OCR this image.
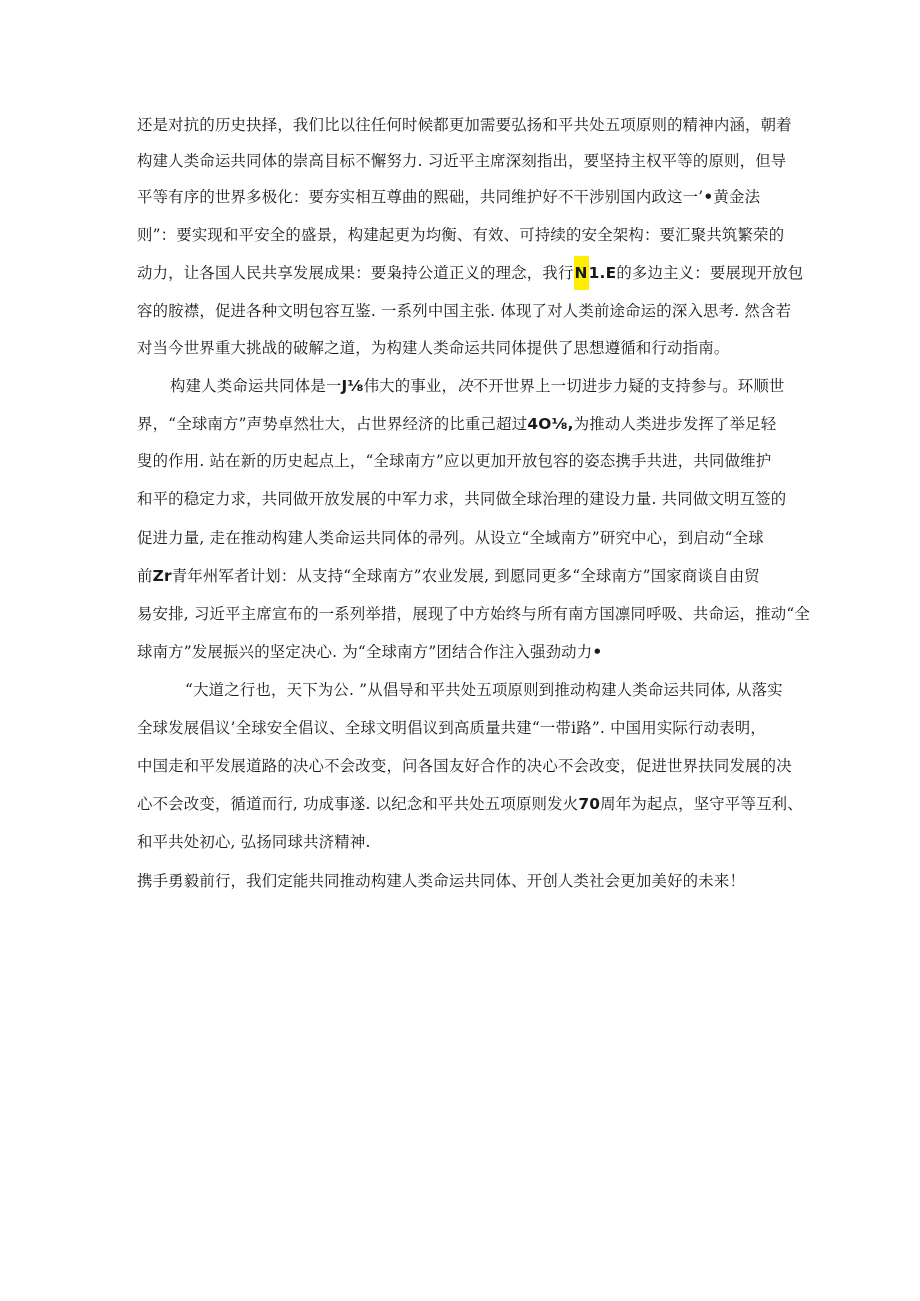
还是对抗的历史抉择，我们比以往任何时候都更加需要弘扬和平共处五项原则的精神内涵，朝着
构建人类命运共同体的崇高目标不懈努力. 习近平主席深刻指出，要坚持主权平等的原则，但导
平等有序的世界多极化：要夯实相互尊曲的熙础，共同维护好不干涉别国内政这一’•黄金法
则”：要实现和平安全的盛景，构建起更为均衡、有效、可持续的安全架构：要汇聚共筑繁荣的
动力，让各国人民共享发展成果：要枭持公道正义的理念，我行N1.E的多边主义：要展现开放包
容的胺襟，促进各种文明包容互鉴. 一系列中国主张. 体现了对人类前途命运的深入思考. 然含若
对当今世界重大挑战的破解之道，为构建人类命运共同体提供了思想遵循和行动指南。
构建人类命运共同体是一J⅛伟大的事业，决不开世界上一切进步力疑的支持参与。环顺世
界，“全球南方”声势卓然壮大，占世界经济的比重己超过4O⅛,为推动人类进步发挥了举足轻
叟的作用. 站在新的历史起点上，“全球南方”应以更加开放包容的姿态携手共进，共同做维护
和平的稳定力求，共同做开放发展的中军力求，共同做全球治理的建设力量. 共同做文明互签的
促进力量, 走在推动构建人类命运共同体的帚列。从设立“全域南方”研究中心，到启动“全球
前Zr青年州军者计划：从支持“全球南方”农业发展, 到愿同更多“全球南方”国家商谈自由贸
易安排, 习近平主席宣布的一系列举措，展现了中方始终与所有南方国凛同呼吸、共命运，推动“全
球南方”发展振兴的坚定决心. 为“全球南方”团结合作注入强劲动力•
“大道之行也，天下为公. ”从倡导和平共处五项原则到推动构建人类命运共同体, 从落实
全球发展倡议’全球安全倡议、全球文明倡议到高质量共建“一带i路”. 中国用实际行动表明，
中国走和平发展道路的决心不会改变，问各国友好合作的决心不会改变，促进世界扶同发展的决
心不会改变，循道而行, 功成事遂. 以纪念和平共处五项原则发火70周年为起点，坚守平等互利、
和平共处初心, 弘扬同球共济精神.
携手勇毅前行，我们定能共同推动构建人类命运共同体、开创人类社会更加美好的未来！
